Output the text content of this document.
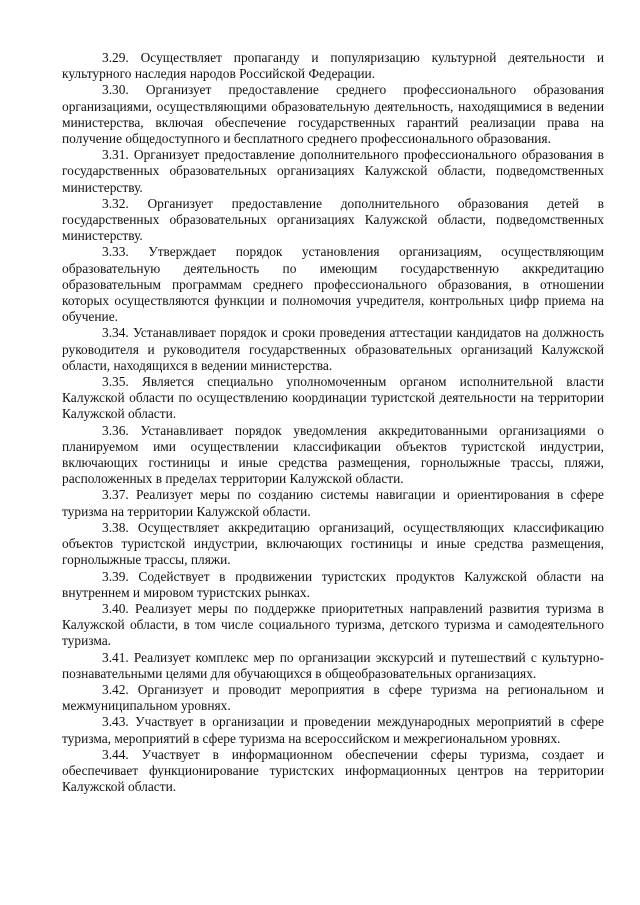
3.29. Осуществляет пропаганду и популяризацию культурной деятельности и культурного наследия народов Российской Федерации.

3.30. Организует предоставление среднего профессионального образования организациями, осуществляющими образовательную деятельность, находящимися в ведении министерства, включая обеспечение государственных гарантий реализации права на получение общедоступного и бесплатного среднего профессионального образования.

3.31. Организует предоставление дополнительного профессионального образования в государственных образовательных организациях Калужской области, подведомственных министерству.

3.32. Организует предоставление дополнительного образования детей в государственных образовательных организациях Калужской области, подведомственных министерству.

3.33. Утверждает порядок установления организациям, осуществляющим образовательную деятельность по имеющим государственную аккредитацию образовательным программам среднего профессионального образования, в отношении которых осуществляются функции и полномочия учредителя, контрольных цифр приема на обучение.

3.34. Устанавливает порядок и сроки проведения аттестации кандидатов на должность руководителя и руководителя государственных образовательных организаций Калужской области, находящихся в ведении министерства.

3.35. Является специально уполномоченным органом исполнительной власти Калужской области по осуществлению координации туристской деятельности на территории Калужской области.

3.36. Устанавливает порядок уведомления аккредитованными организациями о планируемом ими осуществлении классификации объектов туристской индустрии, включающих гостиницы и иные средства размещения, горнолыжные трассы, пляжи, расположенных в пределах территории Калужской области.

3.37. Реализует меры по созданию системы навигации и ориентирования в сфере туризма на территории Калужской области.

3.38. Осуществляет аккредитацию организаций, осуществляющих классификацию объектов туристской индустрии, включающих гостиницы и иные средства размещения, горнолыжные трассы, пляжи.

3.39. Содействует в продвижении туристских продуктов Калужской области на внутреннем и мировом туристских рынках.

3.40. Реализует меры по поддержке приоритетных направлений развития туризма в Калужской области, в том числе социального туризма, детского туризма и самодеятельного туризма.

3.41. Реализует комплекс мер по организации экскурсий и путешествий с культурно-познавательными целями для обучающихся в общеобразовательных организациях.

3.42. Организует и проводит мероприятия в сфере туризма на региональном и межмуниципальном уровнях.

3.43. Участвует в организации и проведении международных мероприятий в сфере туризма, мероприятий в сфере туризма на всероссийском и межрегиональном уровнях.

3.44. Участвует в информационном обеспечении сферы туризма, создает и обеспечивает функционирование туристских информационных центров на территории Калужской области.
